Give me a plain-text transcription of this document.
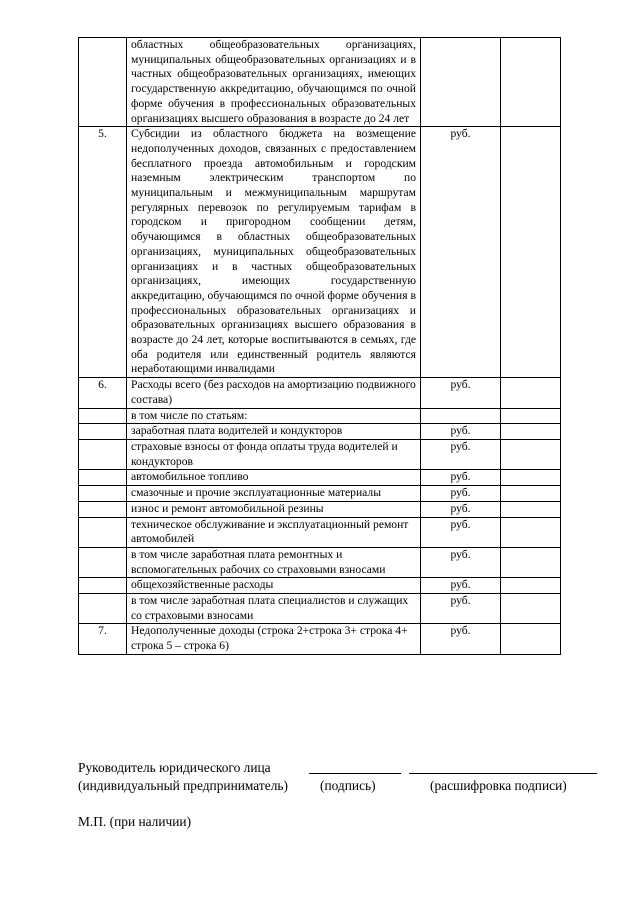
	областных общеобразовательных организациях, муниципальных общеобразовательных организациях и в частных общеобразовательных организациях, имеющих государственную аккредитацию, обучающимся по очной форме обучения в профессиональных образовательных организациях высшего образования в возрасте до 24 лет		
5.	Субсидии из областного бюджета на возмещение недополученных доходов, связанных с предоставлением бесплатного проезда автомобильным и городским наземным электрическим транспортом по муниципальным и межмуниципальным маршрутам регулярных перевозок по регулируемым тарифам в городском и пригородном сообщении детям, обучающимся в областных общеобразовательных организациях, муниципальных общеобразовательных организациях и в частных общеобразовательных организациях, имеющих государственную аккредитацию, обучающимся по очной форме обучения в профессиональных образовательных организациях и образовательных организациях высшего образования в возрасте до 24 лет, которые воспитываются в семьях, где оба родителя или единственный родитель являются неработающими инвалидами	руб.	
6.	Расходы всего (без расходов на амортизацию подвижного состава)	руб.	
	в том числе по статьям:		
	заработная плата водителей и кондукторов	руб.	
	страховые взносы от фонда оплаты труда водителей и кондукторов	руб.	
	автомобильное топливо	руб.	
	смазочные и прочие эксплуатационные материалы	руб.	
	износ и ремонт автомобильной резины	руб.	
	техническое обслуживание и эксплуатационный ремонт автомобилей	руб.	
	в том числе заработная плата ремонтных и вспомогательных рабочих со страховыми взносами	руб.	
	общехозяйственные расходы	руб.	
	в том числе заработная плата специалистов и служащих со страховыми взносами	руб.	
7.	Недополученные доходы (строка 2+строка 3+ строка 4+ строка 5 – строка 6)	руб.	
Руководитель юридического лица
(индивидуальный предприниматель) (подпись)	(расшифровка подписи)
М.П. (при наличии)
